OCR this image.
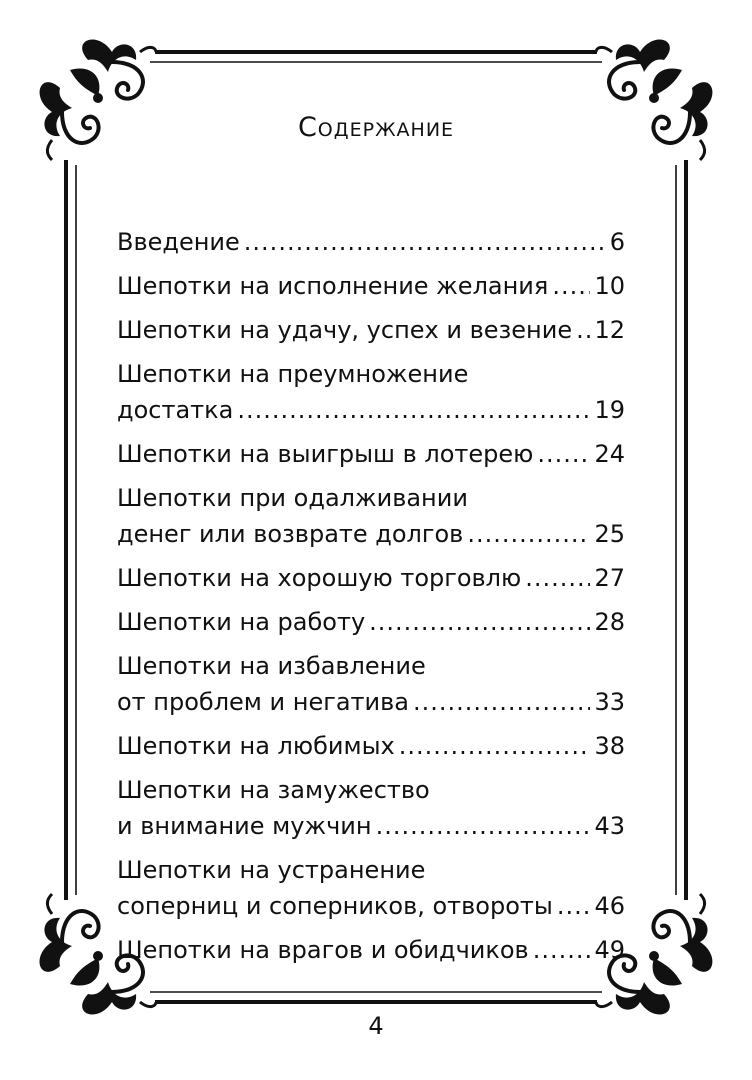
Содержание
Введение .....	6
Шепотки на исполнение желания ..... 10
Шепотки на удачу, успех и везение ..... 12
Шепотки на преумножение
достатка .....	19
Шепотки на выигрыш в лотерею .....	24
Шепотки при одалживании
денег или возврате долгов .....	25
Шепотки на хорошую торговлю .....	27
Шепотки на работу .....	28
Шепотки на избавление
от проблем и негатива .....	33
Шепотки на любимых .....	38
Шепотки на замужество
и внимание мужчин .....	43
Шепотки на устранение
соперниц и соперников, отвороты ..... 46
Шепотки на врагов и обидчиков .....	49
4
